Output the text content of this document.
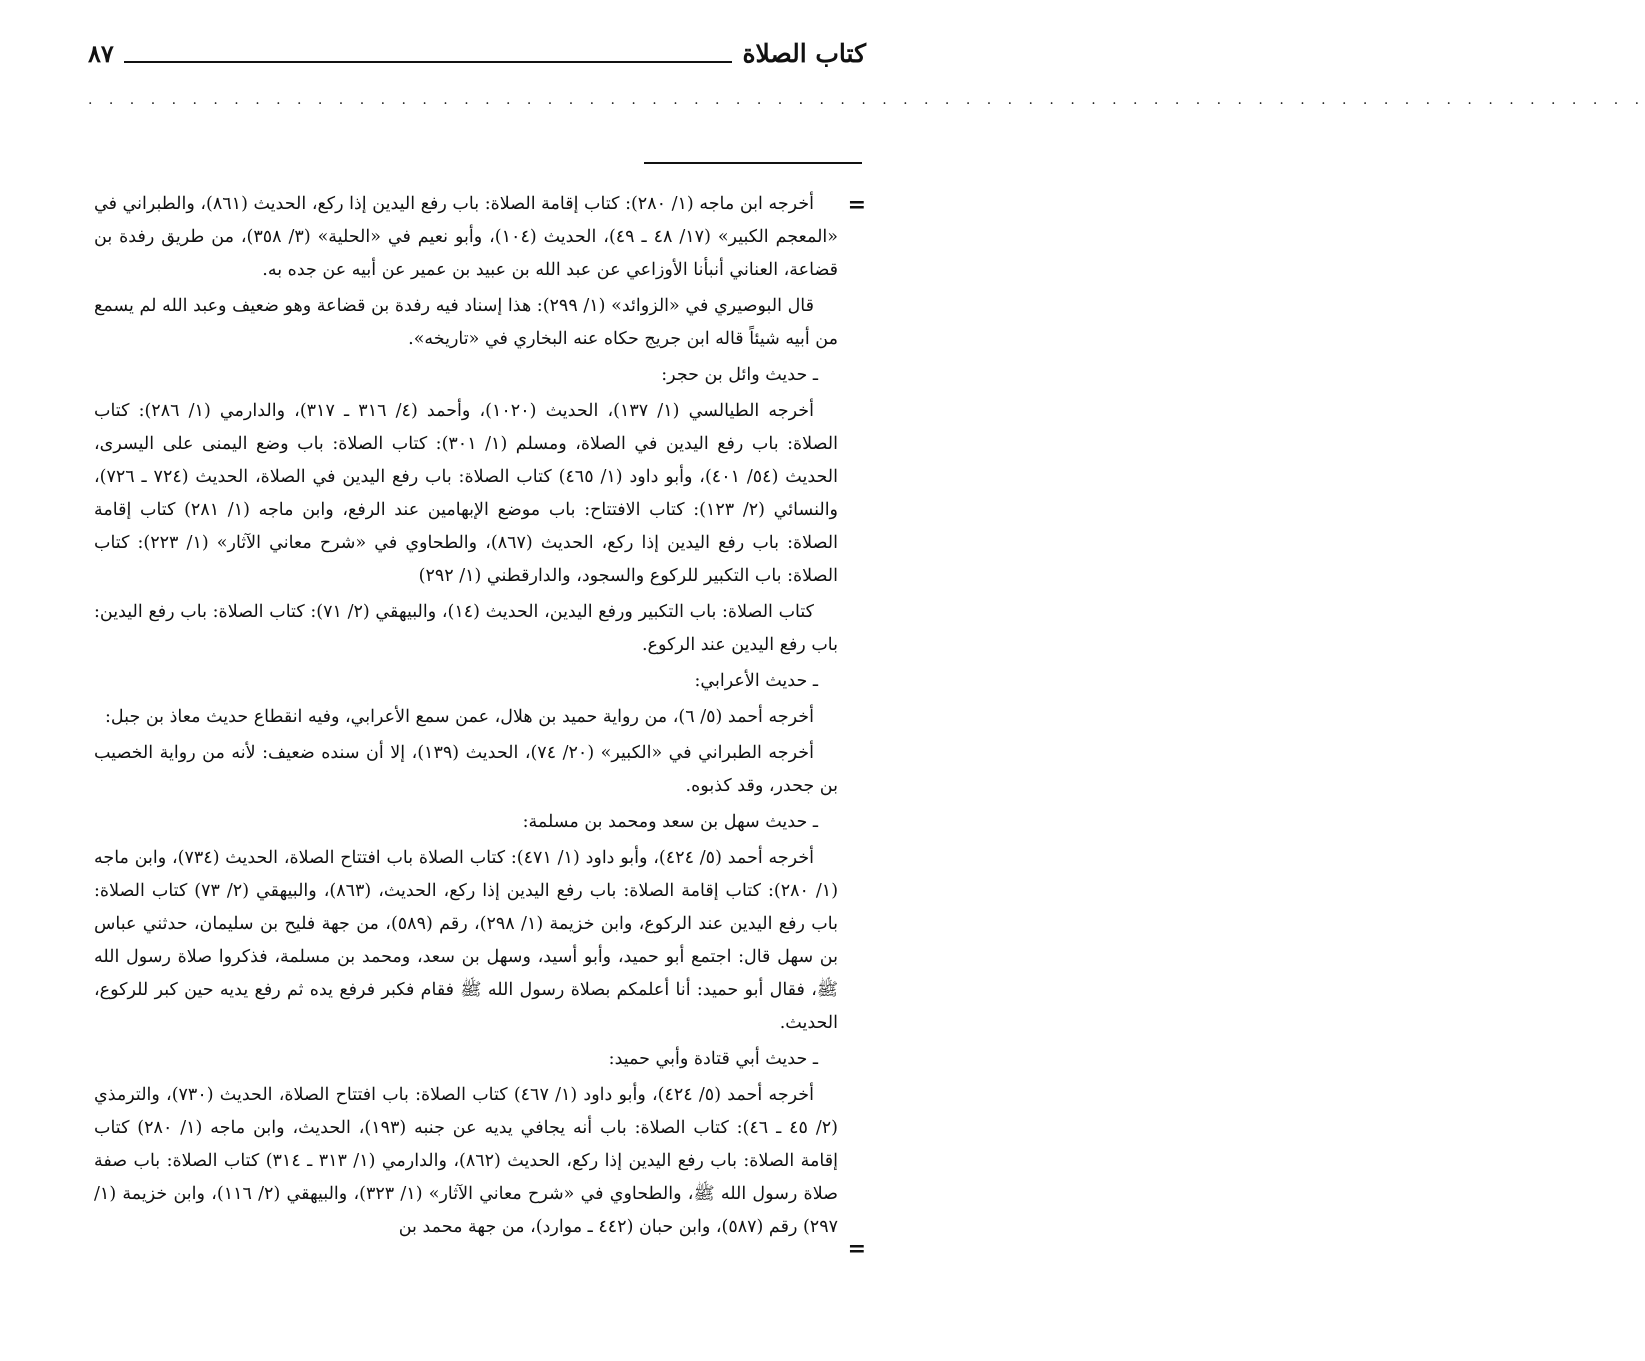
كتاب الصلاة
٨٧
. . . . . . . . . . . . . . . . . . . . . . . . . . . . . . . . . . . . . . . . . . . . . . . . . . . . . . . . . . . . . . . . . . . . . . . . . . .
=

أخرجه ابن ماجه (١/ ٢٨٠): كتاب إقامة الصلاة: باب رفع اليدين إذا ركع، الحديث (٨٦١)، والطبراني في «المعجم الكبير» (١٧/ ٤٨ ـ ٤٩)، الحديث (١٠٤)، وأبو نعيم في «الحلية» (٣/ ٣٥٨)، من طريق رفدة بن قضاعة، العناني أنبأنا الأوزاعي عن عبد الله بن عبيد بن عمير عن أبيه عن جده به.

قال البوصيري في «الزوائد» (١/ ٢٩٩): هذا إسناد فيه رفدة بن قضاعة وهو ضعيف وعبد الله لم يسمع من أبيه شيئاً قاله ابن جريج حكاه عنه البخاري في «تاريخه».

ـ حديث وائل بن حجر:

أخرجه الطيالسي (١/ ١٣٧)، الحديث (١٠٢٠)، وأحمد (٤/ ٣١٦ ـ ٣١٧)، والدارمي (١/ ٢٨٦): كتاب الصلاة: باب رفع اليدين في الصلاة، ومسلم (١/ ٣٠١): كتاب الصلاة: باب وضع اليمنى على اليسرى، الحديث (٥٤/ ٤٠١)، وأبو داود (١/ ٤٦٥) كتاب الصلاة: باب رفع اليدين في الصلاة، الحديث (٧٢٤ ـ ٧٢٦)، والنسائي (٢/ ١٢٣): كتاب الافتتاح: باب موضع الإبهامين عند الرفع، وابن ماجه (١/ ٢٨١) كتاب إقامة الصلاة: باب رفع اليدين إذا ركع، الحديث (٨٦٧)، والطحاوي في «شرح معاني الآثار» (١/ ٢٢٣): كتاب الصلاة: باب التكبير للركوع والسجود، والدارقطني (١/ ٢٩٢)

كتاب الصلاة: باب التكبير ورفع اليدين، الحديث (١٤)، والبيهقي (٢/ ٧١): كتاب الصلاة: باب رفع اليدين: باب رفع اليدين عند الركوع.

ـ حديث الأعرابي:

أخرجه أحمد (٥/ ٦)، من رواية حميد بن هلال، عمن سمع الأعرابي، وفيه انقطاع حديث معاذ بن جبل:

أخرجه الطبراني في «الكبير» (٢٠/ ٧٤)، الحديث (١٣٩)، إلا أن سنده ضعيف: لأنه من رواية الخصيب بن جحدر، وقد كذبوه.

ـ حديث سهل بن سعد ومحمد بن مسلمة:

أخرجه أحمد (٥/ ٤٢٤)، وأبو داود (١/ ٤٧١): كتاب الصلاة باب افتتاح الصلاة، الحديث (٧٣٤)، وابن ماجه (١/ ٢٨٠): كتاب إقامة الصلاة: باب رفع اليدين إذا ركع، الحديث، (٨٦٣)، والبيهقي (٢/ ٧٣) كتاب الصلاة: باب رفع اليدين عند الركوع، وابن خزيمة (١/ ٢٩٨)، رقم (٥٨٩)، من جهة فليح بن سليمان، حدثني عباس بن سهل قال: اجتمع أبو حميد، وأبو أسيد، وسهل بن سعد، ومحمد بن مسلمة، فذكروا صلاة رسول الله ﷺ، فقال أبو حميد: أنا أعلمكم بصلاة رسول الله ﷺ فقام فكبر فرفع يده ثم رفع يديه حين كبر للركوع، الحديث.

ـ حديث أبي قتادة وأبي حميد:

أخرجه أحمد (٥/ ٤٢٤)، وأبو داود (١/ ٤٦٧) كتاب الصلاة: باب افتتاح الصلاة، الحديث (٧٣٠)، والترمذي (٢/ ٤٥ ـ ٤٦): كتاب الصلاة: باب أنه يجافي يديه عن جنبه (١٩٣)، الحديث، وابن ماجه (١/ ٢٨٠) كتاب إقامة الصلاة: باب رفع اليدين إذا ركع، الحديث (٨٦٢)، والدارمي (١/ ٣١٣ ـ ٣١٤) كتاب الصلاة: باب صفة صلاة رسول الله ﷺ، والطحاوي في «شرح معاني الآثار» (١/ ٣٢٣)، والبيهقي (٢/ ١١٦)، وابن خزيمة (١/ ٢٩٧) رقم (٥٨٧)، وابن حبان (٤٤٢ ـ موارد)، من جهة محمد بن

=
